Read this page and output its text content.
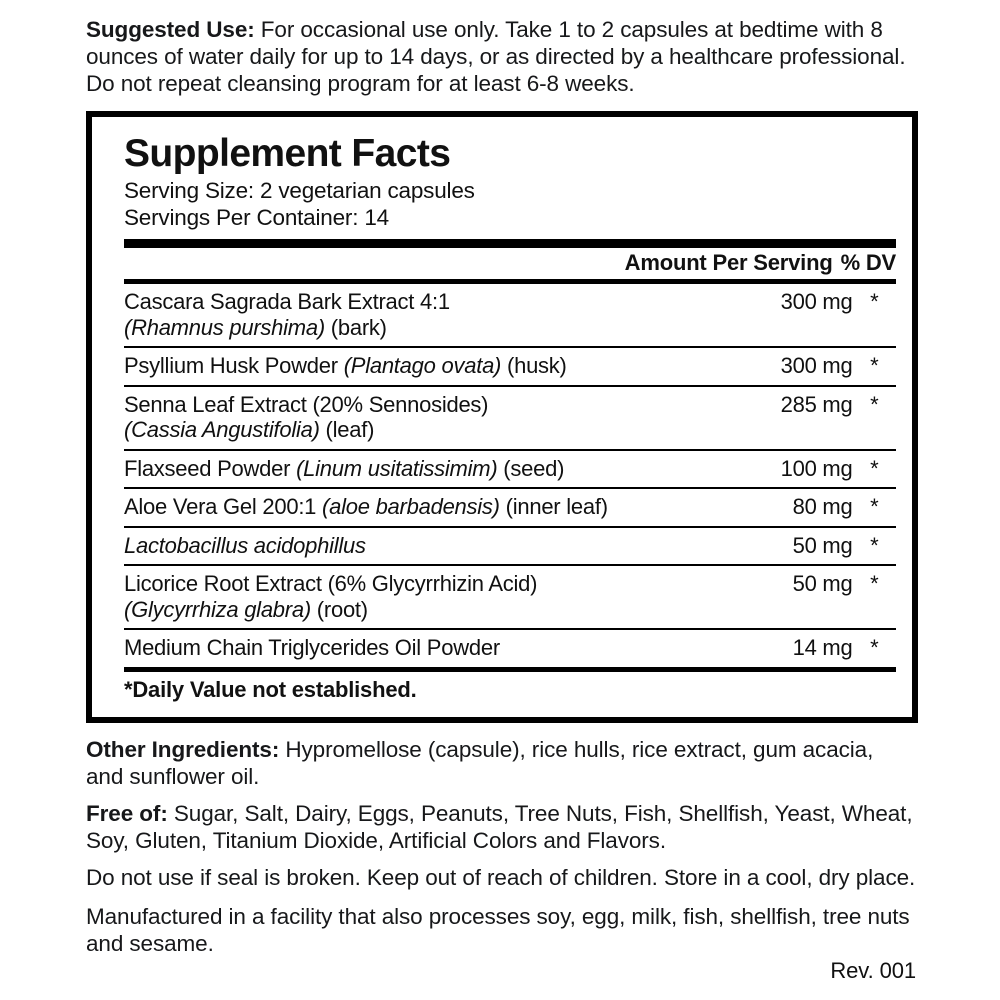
Suggested Use: For occasional use only. Take 1 to 2 capsules at bedtime with 8 ounces of water daily for up to 14 days, or as directed by a healthcare professional. Do not repeat cleansing program for at least 6-8 weeks.

Supplement Facts
Serving Size: 2 vegetarian capsules
Servings Per Container: 14
Amount Per Serving % DV
Cascara Sagrada Bark Extract 4:1
(Rhamnus purshima) (bark)	300 mg	*
Psyllium Husk Powder (Plantago ovata) (husk)	300 mg	*
Senna Leaf Extract (20% Sennosides)
(Cassia Angustifolia) (leaf)	285 mg	*
Flaxseed Powder (Linum usitatissimim) (seed)	100 mg	*
Aloe Vera Gel 200:1 (aloe barbadensis) (inner leaf)	80 mg	*
Lactobacillus acidophillus	50 mg	*
Licorice Root Extract (6% Glycyrrhizin Acid)
(Glycyrrhiza glabra) (root)	50 mg	*
Medium Chain Triglycerides Oil Powder	14 mg	*
*Daily Value not established.

Other Ingredients: Hypromellose (capsule), rice hulls, rice extract, gum acacia, and sunflower oil.

Free of: Sugar, Salt, Dairy, Eggs, Peanuts, Tree Nuts, Fish, Shellfish, Yeast, Wheat, Soy, Gluten, Titanium Dioxide, Artificial Colors and Flavors.

Do not use if seal is broken. Keep out of reach of children. Store in a cool, dry place.

Manufactured in a facility that also processes soy, egg, milk, fish, shellfish, tree nuts and sesame.

Rev. 001
